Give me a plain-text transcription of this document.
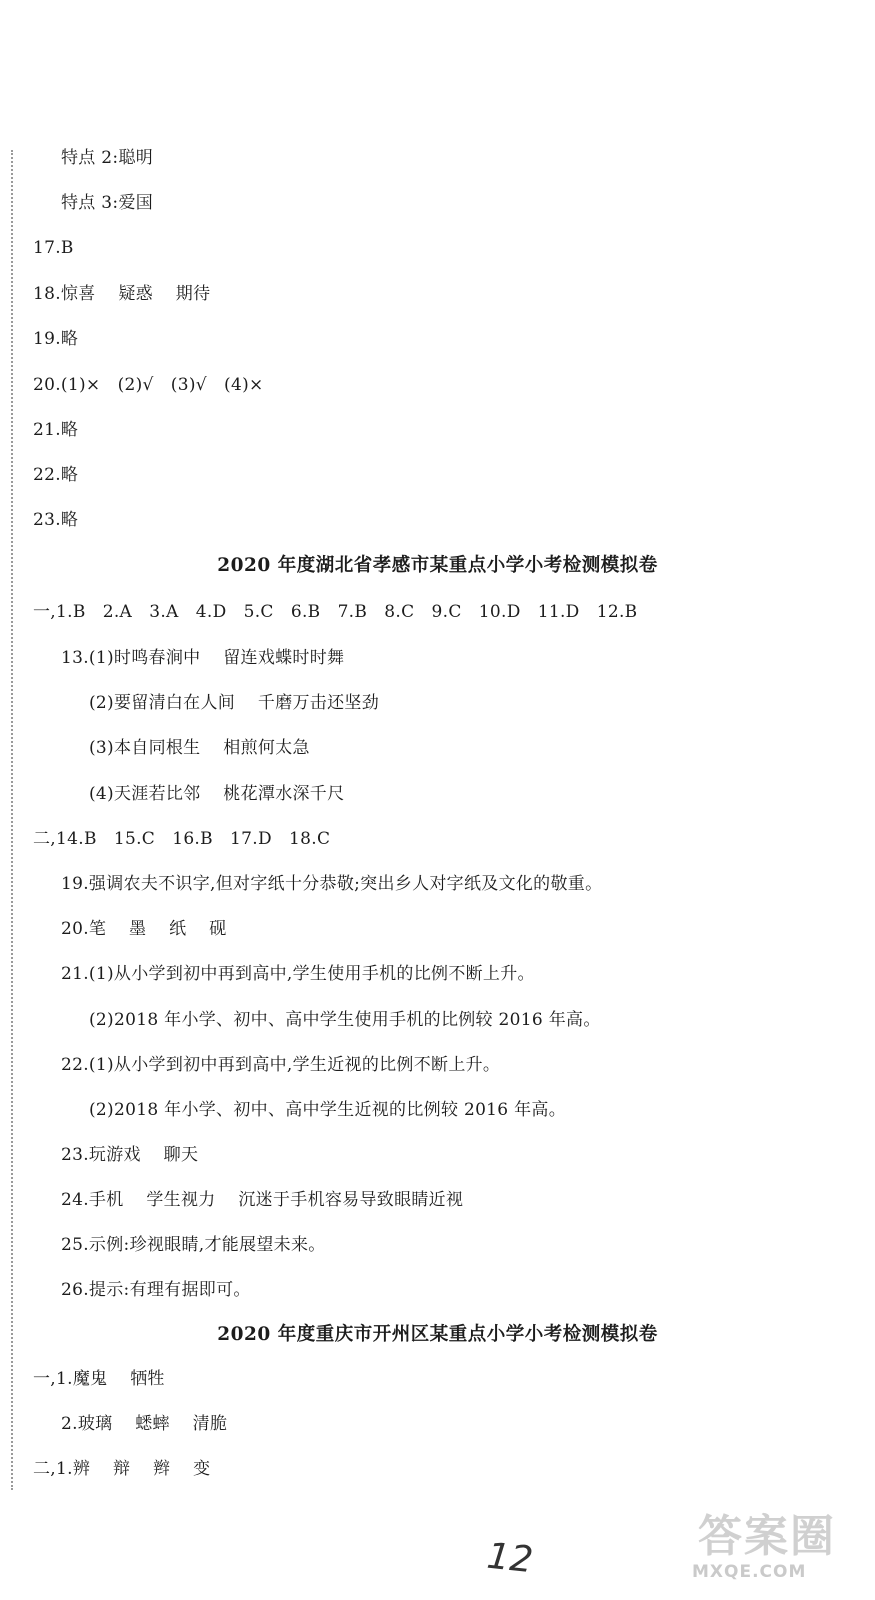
特点 2:聪明
特点 3:爱国
17.B
18.惊喜    疑惑    期待
19.略
20.(1)×   (2)√   (3)√   (4)×
21.略
22.略
23.略
2020 年度湖北省孝感市某重点小学小考检测模拟卷
一,1.B   2.A   3.A   4.D   5.C   6.B   7.B   8.C   9.C   10.D   11.D   12.B
13.(1)时鸣春涧中    留连戏蝶时时舞
(2)要留清白在人间    千磨万击还坚劲
(3)本自同根生    相煎何太急
(4)天涯若比邻    桃花潭水深千尺
二,14.B   15.C   16.B   17.D   18.C
19.强调农夫不识字,但对字纸十分恭敬;突出乡人对字纸及文化的敬重。
20.笔    墨    纸    砚
21.(1)从小学到初中再到高中,学生使用手机的比例不断上升。
(2)2018 年小学、初中、高中学生使用手机的比例较 2016 年高。
22.(1)从小学到初中再到高中,学生近视的比例不断上升。
(2)2018 年小学、初中、高中学生近视的比例较 2016 年高。
23.玩游戏    聊天
24.手机    学生视力    沉迷于手机容易导致眼睛近视
25.示例:珍视眼睛,才能展望未来。
26.提示:有理有据即可。
2020 年度重庆市开州区某重点小学小考检测模拟卷
一,1.魔鬼    牺牲
2.玻璃    蟋蟀    清脆
二,1.辨    辩    辫    变
12	答案圈
MXQE.COM
